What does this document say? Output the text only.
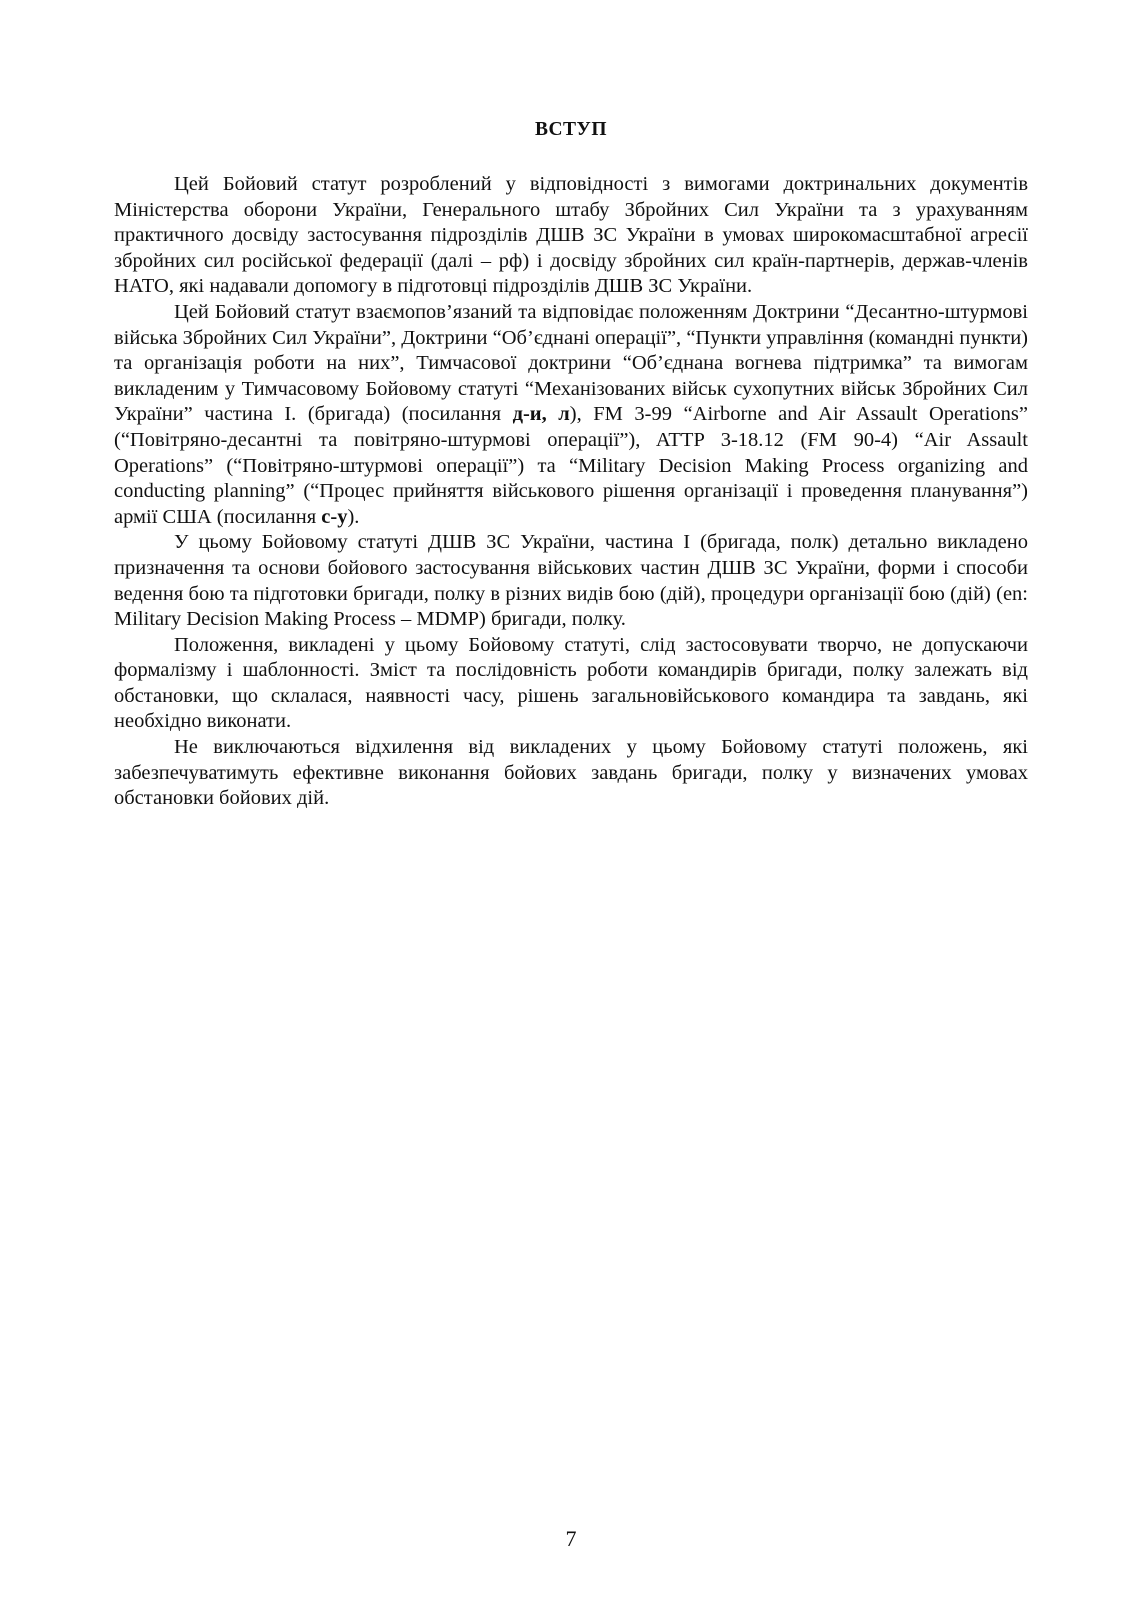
ВСТУП

Цей Бойовий статут розроблений у відповідності з вимогами доктринальних документів Міністерства оборони України, Генерального штабу Збройних Сил України та з урахуванням практичного досвіду застосування підрозділів ДШВ ЗС України в умовах широкомасштабної агресії збройних сил російської федерації (далі – рф) і досвіду збройних сил країн-партнерів, держав-членів НАТО, які надавали допомогу в підготовці підрозділів ДШВ ЗС України.

Цей Бойовий статут взаємопов’язаний та відповідає положенням Доктрини “Десантно-штурмові війська Збройних Сил України”, Доктрини “Об’єднані операції”, “Пункти управління (командні пункти) та організація роботи на них”, Тимчасової доктрини “Об’єднана вогнева підтримка” та вимогам викладеним у Тимчасовому Бойовому статуті “Механізованих військ сухопутних військ Збройних Сил України” частина I. (бригада) (посилання д-и, л), FM 3-99 “Airborne and Air Assault Operations” (“Повітряно-десантні та повітряно-штурмові операції”), ATTP 3-18.12 (FM 90-4) “Air Assault Operations” (“Повітряно-штурмові операції”) та “Military Decision Making Process organizing and conducting planning” (“Процес прийняття військового рішення організації і проведення планування”) армії США (посилання с-у).

У цьому Бойовому статуті ДШВ ЗС України, частина I (бригада, полк) детально викладено призначення та основи бойового застосування військових частин ДШВ ЗС України, форми і способи ведення бою та підготовки бригади, полку в різних видів бою (дій), процедури організації бою (дій) (en: Military Decision Making Process – MDMP) бригади, полку.

Положення, викладені у цьому Бойовому статуті, слід застосовувати творчо, не допускаючи формалізму і шаблонності. Зміст та послідовність роботи командирів бригади, полку залежать від обстановки, що склалася, наявності часу, рішень загальновійськового командира та завдань, які необхідно виконати.

Не виключаються відхилення від викладених у цьому Бойовому статуті положень, які забезпечуватимуть ефективне виконання бойових завдань бригади, полку у визначених умовах обстановки бойових дій.

7
